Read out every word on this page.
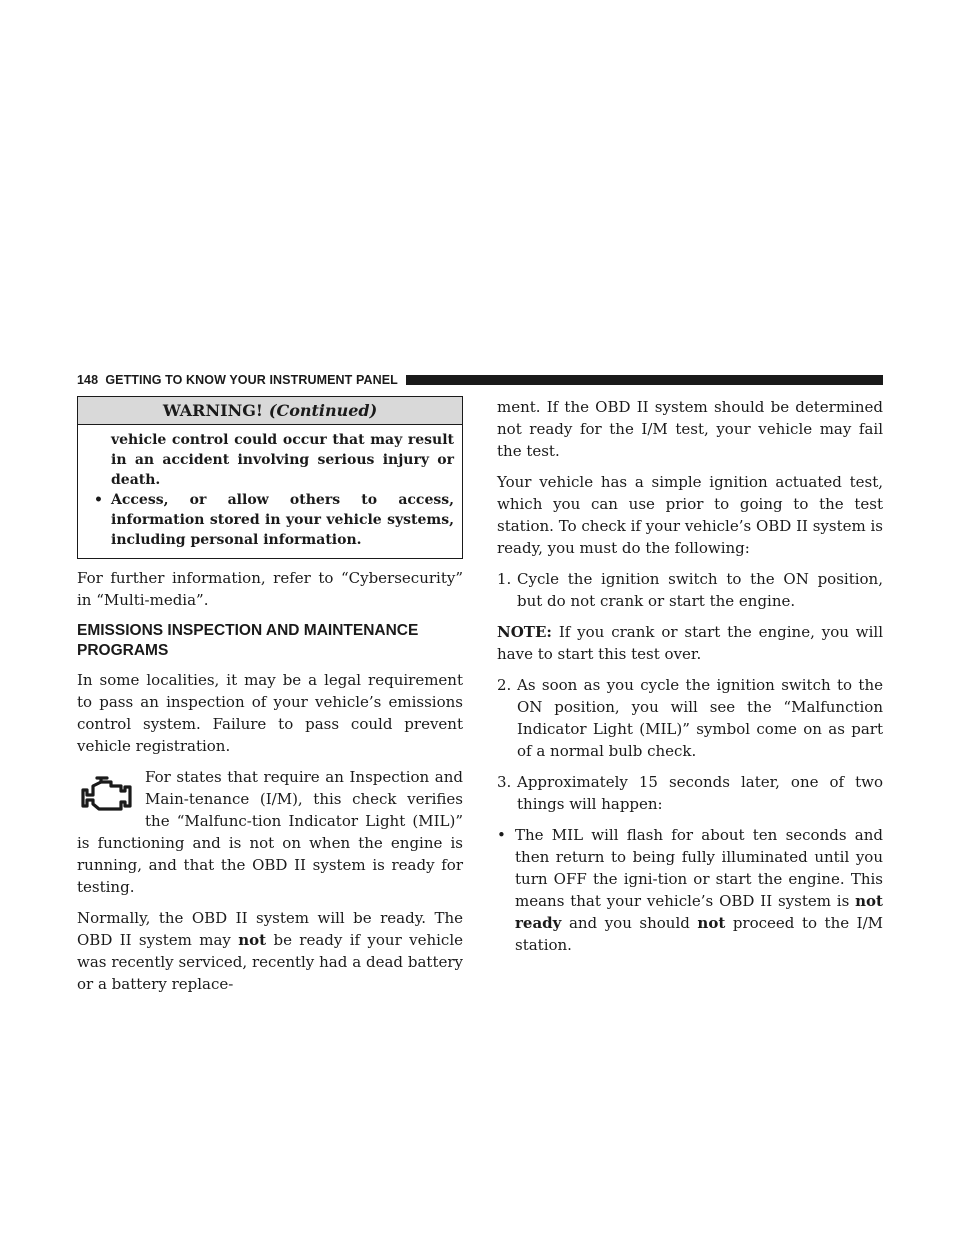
148 GETTING TO KNOW YOUR INSTRUMENT PANEL
WARNING! (Continued)
vehicle control could occur that may result in an accident involving serious injury or death.
• Access, or allow others to access, information stored in your vehicle systems, including personal information.

For further information, refer to “Cybersecurity” in “Multi-media”.

EMISSIONS INSPECTION AND MAINTENANCE PROGRAMS

In some localities, it may be a legal requirement to pass an inspection of your vehicle’s emissions control system. Failure to pass could prevent vehicle registration.

For states that require an Inspection and Main-tenance (I/M), this check verifies the “Malfunc-tion Indicator Light (MIL)” is functioning and is not on when the engine is running, and that the OBD II system is ready for testing.

Normally, the OBD II system will be ready. The OBD II system may not be ready if your vehicle was recently serviced, recently had a dead battery or a battery replace-

ment. If the OBD II system should be determined not ready for the I/M test, your vehicle may fail the test.

Your vehicle has a simple ignition actuated test, which you can use prior to going to the test station. To check if your vehicle’s OBD II system is ready, you must do the following:

1. Cycle the ignition switch to the ON position, but do not crank or start the engine.

NOTE: If you crank or start the engine, you will have to start this test over.

2. As soon as you cycle the ignition switch to the ON position, you will see the “Malfunction Indicator Light (MIL)” symbol come on as part of a normal bulb check.
3. Approximately 15 seconds later, one of two things will happen:
• The MIL will flash for about ten seconds and then return to being fully illuminated until you turn OFF the igni-tion or start the engine. This means that your vehicle’s OBD II system is not ready and you should not proceed to the I/M station.
